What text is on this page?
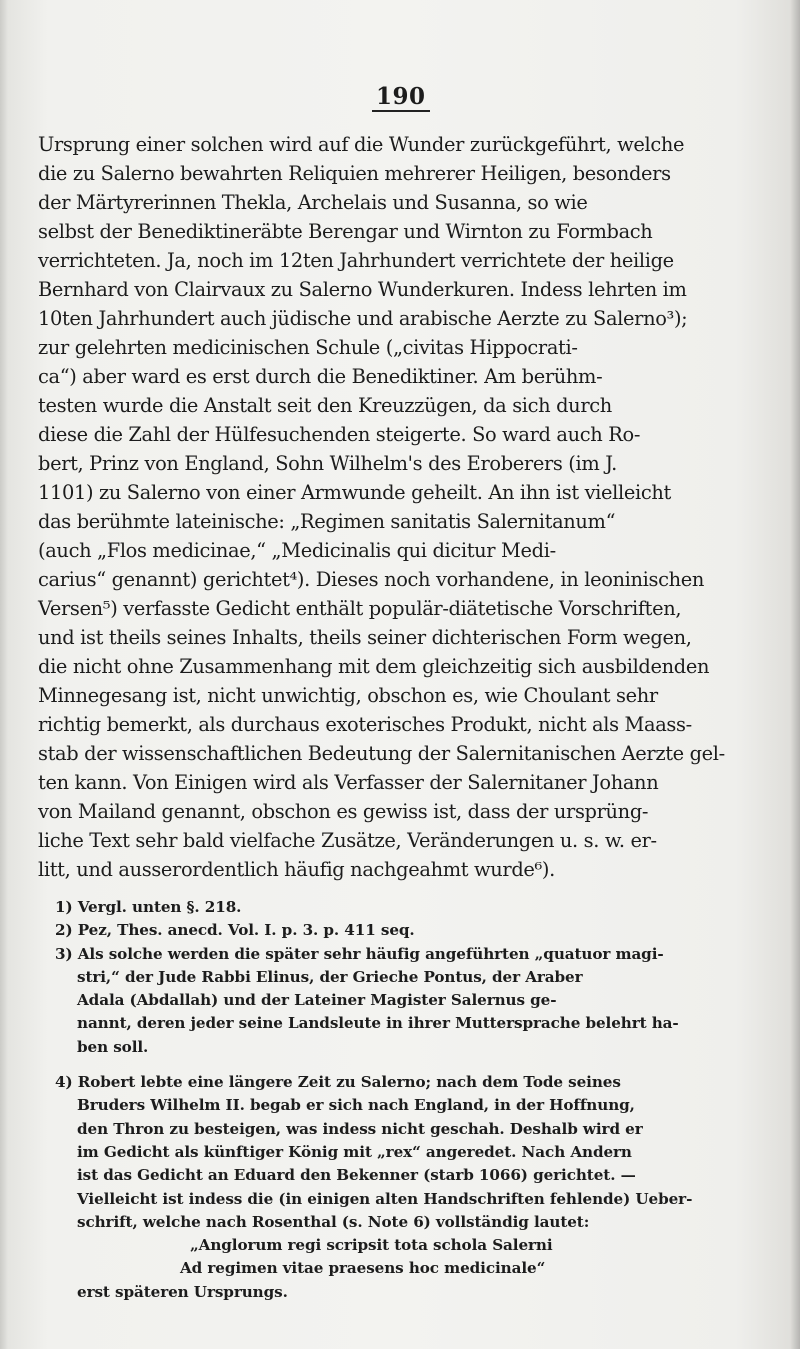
190
Ursprung einer solchen wird auf die Wunder zurückgeführt, welche
die zu Salerno bewahrten Reliquien mehrerer Heiligen, besonders
der Märtyrerinnen Thekla, Archelais und Susanna, so wie
selbst der Benediktineräbte Berengar und Wirnton zu Formbach
verrichteten. Ja, noch im 12ten Jahrhundert verrichtete der heilige
Bernhard von Clairvaux zu Salerno Wunderkuren. Indess lehrten im
10ten Jahrhundert auch jüdische und arabische Aerzte zu Salerno³);
zur gelehrten medicinischen Schule („civitas Hippocrati-
ca“) aber ward es erst durch die Benediktiner. Am berühm-
testen wurde die Anstalt seit den Kreuzzügen, da sich durch
diese die Zahl der Hülfesuchenden steigerte. So ward auch Ro-
bert, Prinz von England, Sohn Wilhelm's des Eroberers (im J.
1101) zu Salerno von einer Armwunde geheilt. An ihn ist vielleicht
das berühmte lateinische: „Regimen sanitatis Salernitanum“
(auch „Flos medicinae,“ „Medicinalis qui dicitur Medi-
carius“ genannt) gerichtet⁴). Dieses noch vorhandene, in leoninischen
Versen⁵) verfasste Gedicht enthält populär-diätetische Vorschriften,
und ist theils seines Inhalts, theils seiner dichterischen Form wegen,
die nicht ohne Zusammenhang mit dem gleichzeitig sich ausbildenden
Minnegesang ist, nicht unwichtig, obschon es, wie Choulant sehr
richtig bemerkt, als durchaus exoterisches Produkt, nicht als Maass-
stab der wissenschaftlichen Bedeutung der Salernitanischen Aerzte gel-
ten kann. Von Einigen wird als Verfasser der Salernitaner Johann
von Mailand genannt, obschon es gewiss ist, dass der ursprüng-
liche Text sehr bald vielfache Zusätze, Veränderungen u. s. w. er-
litt, und ausserordentlich häufig nachgeahmt wurde⁶).
1) Vergl. unten §. 218.
2) Pez, Thes. anecd. Vol. I. p. 3. p. 411 seq.
3) Als solche werden die später sehr häufig angeführten „quatuor magi-
stri,“ der Jude Rabbi Elinus, der Grieche Pontus, der Araber
Adala (Abdallah) und der Lateiner Magister Salernus ge-
nannt, deren jeder seine Landsleute in ihrer Muttersprache belehrt ha-
ben soll.
4) Robert lebte eine längere Zeit zu Salerno; nach dem Tode seines
Bruders Wilhelm II. begab er sich nach England, in der Hoffnung,
den Thron zu besteigen, was indess nicht geschah. Deshalb wird er
im Gedicht als künftiger König mit „rex“ angeredet. Nach Andern
ist das Gedicht an Eduard den Bekenner (starb 1066) gerichtet. —
Vielleicht ist indess die (in einigen alten Handschriften fehlende) Ueber-
schrift, welche nach Rosenthal (s. Note 6) vollständig lautet:
„Anglorum regi scripsit tota schola Salerni
Ad regimen vitae praesens hoc medicinale“
erst späteren Ursprungs.
